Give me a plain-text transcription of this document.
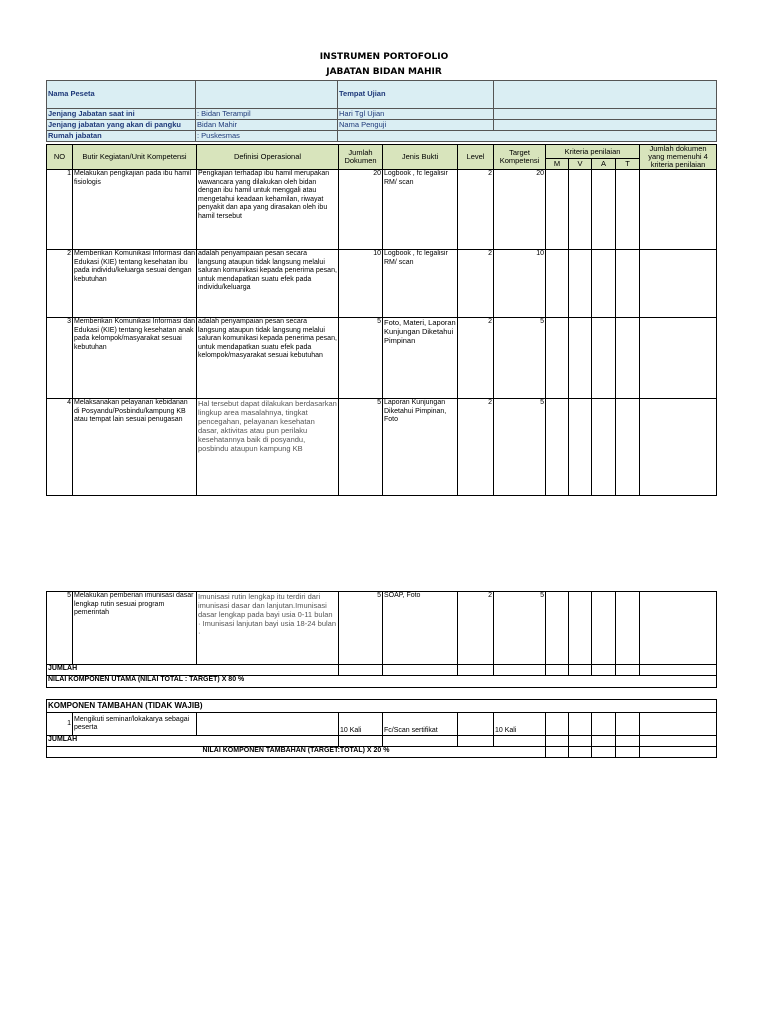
INSTRUMEN PORTOFOLIO
JABATAN BIDAN MAHIR
Nama Peseta		Tempat Ujian	
Jenjang Jabatan saat ini	: Bidan Terampil	Hari Tgl Ujian	
Jenjang jabatan yang akan di pangku	Bidan Mahir	Nama Penguji	
Rumah jabatan	: Puskesmas		
NO	Butir Kegiatan/Unit Kompetensi	Definisi Operasional	Jumlah Dokumen	Jenis Bukti	Level	Target Kompetensi	Kriteria penilaian				Jumlah dokumen yang memenuhi 4 kriteria penilaian
							M	V	A	T	
1	Melakukan pengkajian pada ibu hamil fisiologis	Pengkajian terhadap ibu hamil merupakan wawancara yang dilakukan oleh bidan dengan ibu hamil untuk menggali atau mengetahui keadaan kehamilan, riwayat penyakit dan apa yang dirasakan oleh ibu hamil tersebut	20	Logbook , fc legalisir RM/ scan	2	20					
2	Memberikan Komunikasi Informasi dan Edukasi (KIE) tentang kesehatan ibu pada individu/keluarga sesuai dengan kebutuhan	adalah penyampaian pesan secara langsung ataupun tidak langsung melalui saluran komunikasi kepada penerima pesan, untuk mendapatkan suatu efek pada individu/keluarga	10	Logbook , fc legalisir RM/ scan	2	10					
3	Memberikan Komunikasi Informasi dan Edukasi (KIE) tentang kesehatan anak pada kelompok/masyarakat sesuai kebutuhan	adalah penyampaian pesan secara langsung ataupun tidak langsung melalui saluran komunikasi kepada penerima pesan, untuk mendapatkan suatu efek pada kelompok/masyarakat sesuai kebutuhan	5	Foto, Materi, Laporan Kunjungan Diketahui Pimpinan	2	5					
4	Melaksanakan pelayanan kebidanan di Posyandu/Posbindu/kampung KB atau tempat lain sesuai penugasan	Hal tersebut dapat dilakukan berdasarkan lingkup area masalahnya, tingkat pencegahan, pelayanan kesehatan dasar, aktivitas atau pun perilaku kesehatannya baik di posyandu, posbindu ataupun kampung KB	5	Laporan Kunjungan Diketahui Pimpinan, Foto	2	5					
5	Melakukan pemberian imunisasi dasar lengkap rutin sesuai program pemerintah	Imunisasi rutin lengkap itu terdiri dari imunisasi dasar dan lanjutan.Imunisasi dasar lengkap pada bayi usia 0-11 bulan · Imunisasi lanjutan bayi usia 18-24 bulan ·	5	SOAP, Foto	2	5					
JUMLAH											
NILAI KOMPONEN UTAMA (NILAI TOTAL : TARGET) X 80 %											
KOMPONEN TAMBAHAN (TIDAK WAJIB)											
1	Mengikuti seminar/lokakarya sebagai peserta		10 Kali	Fc/Scan sertifikat		10 Kali					
JUMLAH											
NILAI KOMPONEN TAMBAHAN (TARGET:TOTAL) X 20 %											
